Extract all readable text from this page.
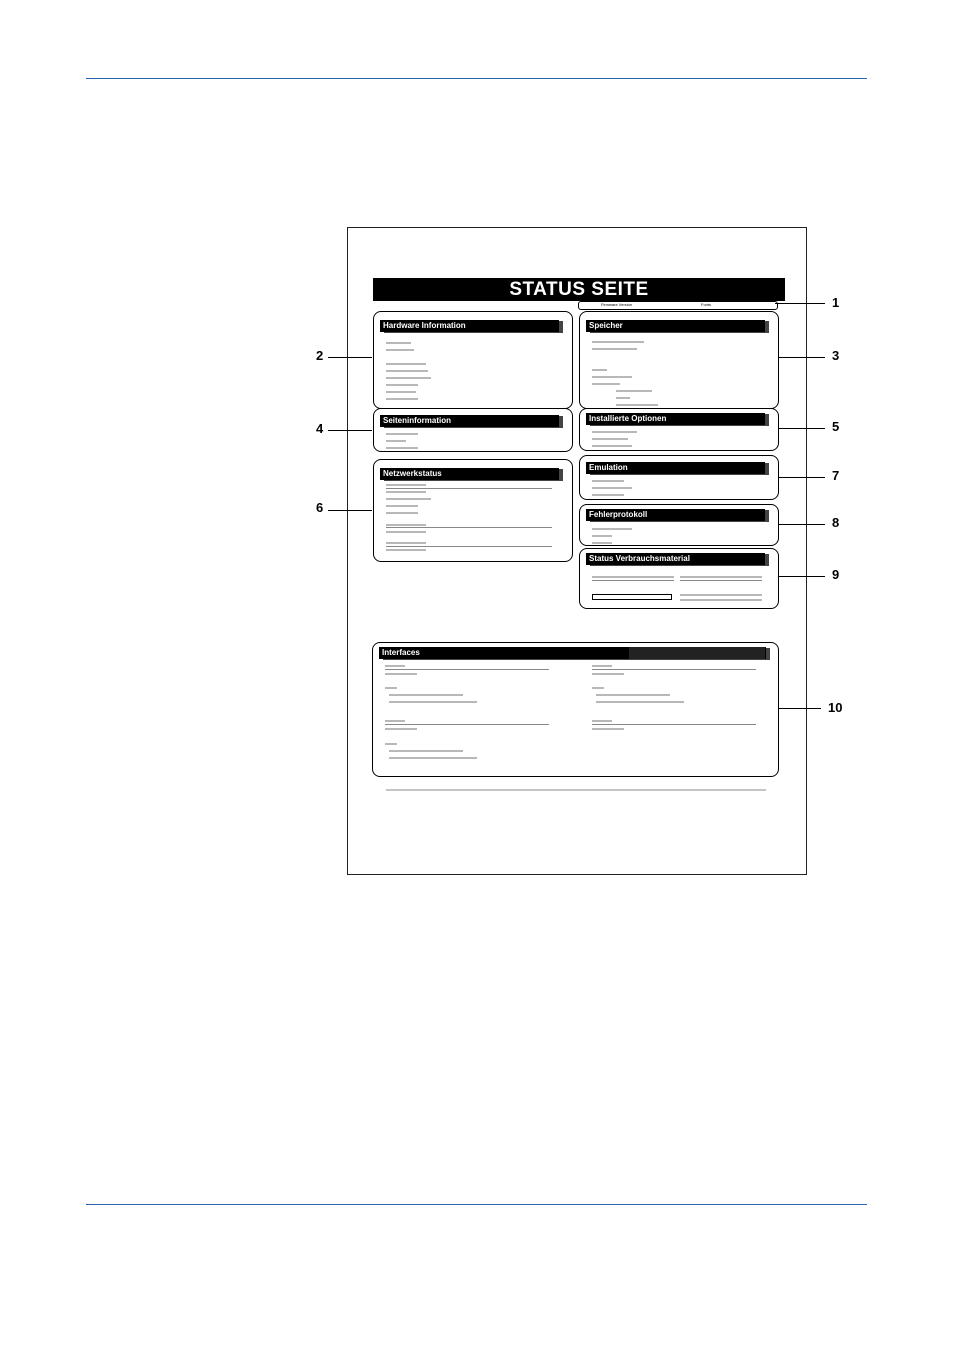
STATUS SEITE
Firmware Version	Fonts
Hardware Information
Seiteninformation
Netzwerkstatus
Speicher
Installierte Optionen
Emulation
Fehlerprotokoll
Status Verbrauchsmaterial
Interfaces
1
3
5
7
8
9
10
2
4
6
